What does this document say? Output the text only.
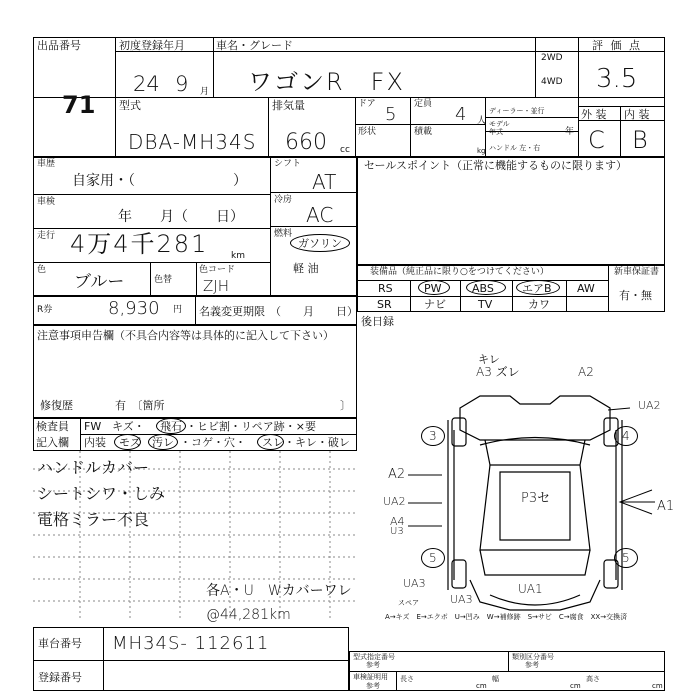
出品番号
71
初度登録年月
24 9 月
車名・グレード
ワゴンR　FX
2WD
4WD
評 価 点
3.5
型式
DBA-MH34S
排気量
660 cc
ドア 5 定員 4 人
形状	積載
kg
ディーラー・並行
モデル
年式	年
ハンドル 左・右
外 装 内 装
C B
車歴
自家用・（　　　　　　　）
車検
年　　月（　　日）
走行 4万4千281	km
色
ブルー	色替
色コード
ZJH
シフト
AT
冷房
AC
燃料
ガソリン
軽 油
R券	8,930 円 名義変更期限 （　　月　　日）
セールスポイント（正常に機能するものに限ります）
装備品（純正品に限り○をつけてください）
RS	PW	ABS	エアB AW
SR	ナビ	TV	カワ
新車保証書
有・無
後日録
注意事項申告欄（不具合内容等は具体的に記入して下さい）
修復歴	有　〔箇所	〕
検査員
記入欄
FW キズ・ 飛石 ・ヒビ割・リペア跡・×要
内装 モズ 汚レ ・コゲ・穴・ スレ ・キレ・破レ
ハンドルカバー
シートシワ・しみ
電格ミラー不良
各A・U　Wカバーワレ
@44,281km
キレ
A3 ズレ	A2
UA2
3	4
A2
UA2
A4
U3
P3セ
A1
5	5
UA3	UA1
UA3
スペア
A→キズ　E→エクボ　U→凹み　W→補修跡　S→サビ　C→腐食　XX→交換済
車台番号 MH34S- 112611
登録番号
型式指定番号
参考
類別区分番号
参考
車検証明用
参考
長さ
cm
幅
cm
高さ
cm
